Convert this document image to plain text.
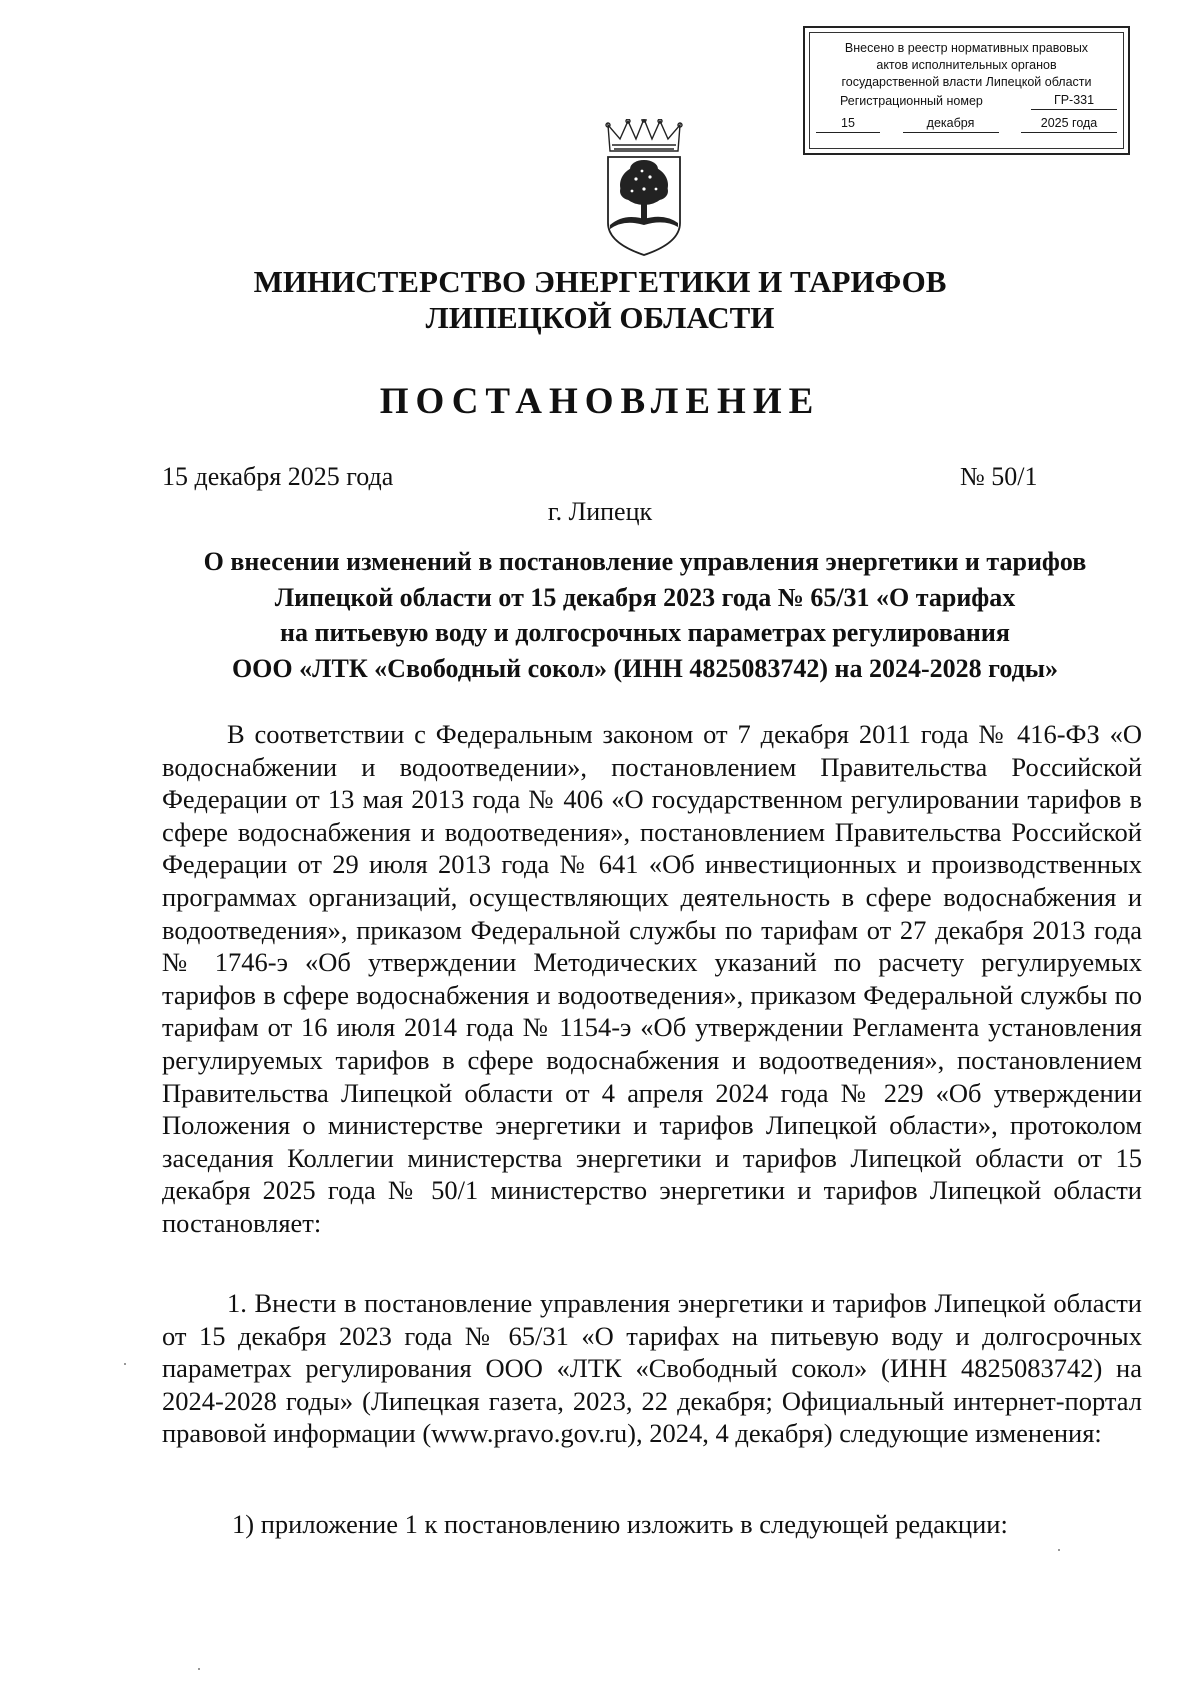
Внесено в реестр нормативных правовых
актов исполнительных органов
государственной власти Липецкой области
Регистрационный номер	ГР-331
15	декабря	2025 года
МИНИСТЕРСТВО ЭНЕРГЕТИКИ И ТАРИФОВ
ЛИПЕЦКОЙ ОБЛАСТИ
ПОСТАНОВЛЕНИЕ
15 декабря 2025 года	№ 50/1
г. Липецк
О внесении изменений в постановление управления энергетики и тарифов
Липецкой области от 15 декабря 2023 года № 65/31 «О тарифах
на питьевую воду и долгосрочных параметрах регулирования
ООО «ЛТК «Свободный сокол» (ИНН 4825083742) на 2024-2028 годы»

В соответствии с Федеральным законом от 7 декабря 2011 года № 416-ФЗ «О водоснабжении и водоотведении», постановлением Правительства Российской Федерации от 13 мая 2013 года № 406 «О государственном регулировании тарифов в сфере водоснабжения и водоотведения», постановлением Правительства Российской Федерации от 29 июля 2013 года № 641 «Об инвестиционных и производственных программах организаций, осуществляющих деятельность в сфере водоснабжения и водоотведения», приказом Федеральной службы по тарифам от 27 декабря 2013 года № 1746-э «Об утверждении Методических указаний по расчету регулируемых тарифов в сфере водоснабжения и водоотведения», приказом Федеральной службы по тарифам от 16 июля 2014 года № 1154-э «Об утверждении Регламента установления регулируемых тарифов в сфере водоснабжения и водоотведения», постановлением Правительства Липецкой области от 4 апреля 2024 года № 229 «Об утверждении Положения о министерстве энергетики и тарифов Липецкой области», протоколом заседания Коллегии министерства энергетики и тарифов Липецкой области от 15 декабря 2025 года № 50/1 министерство энергетики и тарифов Липецкой области постановляет:

1. Внести в постановление управления энергетики и тарифов Липецкой области от 15 декабря 2023 года № 65/31 «О тарифах на питьевую воду и долгосрочных параметрах регулирования ООО «ЛТК «Свободный сокол» (ИНН 4825083742) на 2024-2028 годы» (Липецкая газета, 2023, 22 декабря; Официальный интернет-портал правовой информации (www.pravo.gov.ru), 2024, 4 декабря) следующие изменения:

1) приложение 1 к постановлению изложить в следующей редакции:
